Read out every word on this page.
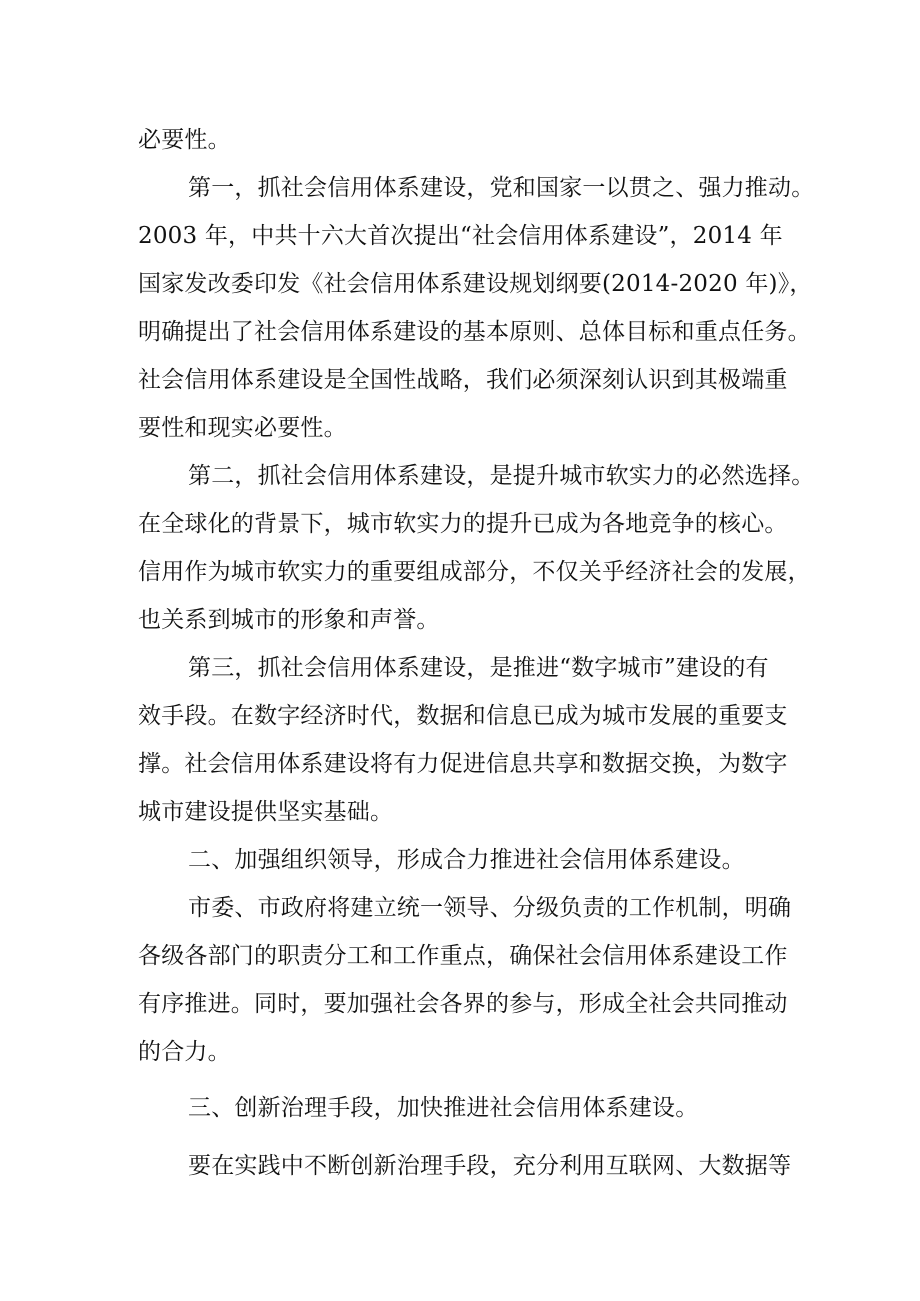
必要性。
第一，抓社会信用体系建设，党和国家一以贯之、强力推动。
2003 年，中共十六大首次提出“社会信用体系建设”，2014 年
国家发改委印发《社会信用体系建设规划纲要(2014-2020 年)》，
明确提出了社会信用体系建设的基本原则、总体目标和重点任务。
社会信用体系建设是全国性战略，我们必须深刻认识到其极端重
要性和现实必要性。
第二，抓社会信用体系建设，是提升城市软实力的必然选择。
在全球化的背景下，城市软实力的提升已成为各地竞争的核心。
信用作为城市软实力的重要组成部分，不仅关乎经济社会的发展，
也关系到城市的形象和声誉。
第三，抓社会信用体系建设，是推进“数字城市”建设的有
效手段。在数字经济时代，数据和信息已成为城市发展的重要支
撑。社会信用体系建设将有力促进信息共享和数据交换，为数字
城市建设提供坚实基础。
二、加强组织领导，形成合力推进社会信用体系建设。
市委、市政府将建立统一领导、分级负责的工作机制，明确
各级各部门的职责分工和工作重点，确保社会信用体系建设工作
有序推进。同时，要加强社会各界的参与，形成全社会共同推动
的合力。
三、创新治理手段，加快推进社会信用体系建设。
要在实践中不断创新治理手段，充分利用互联网、大数据等
